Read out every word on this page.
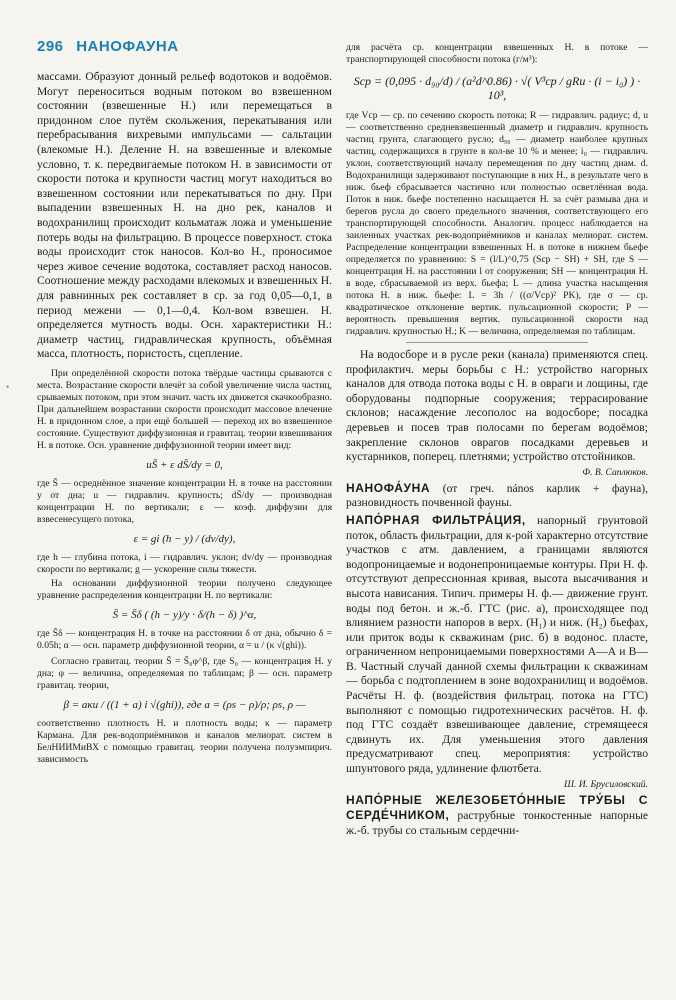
296 НАНОФАУНА
•

массами. Образуют донный рельеф водотоков и водоёмов. Могут переноситься водным потоком во взвешенном состоянии (взвешенные Н.) или перемещаться в придонном слое путём скольжения, перекатывания или перебрасывания вихревыми импульсами — сальтации (влекомые Н.). Деление Н. на взвешенные и влекомые условно, т. к. передвигаемые потоком Н. в зависимости от скорости потока и крупности частиц могут находиться во взвешенном состоянии или перекатываться по дну. При выпадении взвешенных Н. на дно рек, каналов и водохранилищ происходит кольматаж ложа и уменьшение потерь воды на фильтрацию. В процессе поверхност. стока воды происходит сток наносов. Кол-во Н., проносимое через живое сечение водотока, составляет расход наносов. Соотношение между расходами влекомых и взвешенных Н. для равнинных рек составляет в ср. за год 0,05—0,1, в период межени — 0,1—0,4. Кол-вом взвешен. Н. определяется мутность воды. Осн. характеристики Н.: диаметр частиц, гидравлическая крупность, объёмная масса, плотность, пористость, сцепление.

При определённой скорости потока твёрдые частицы срываются с места. Возрастание скорости влечёт за собой увеличение числа частиц, срываемых потоком, при этом значит. часть их движется скачкообразно. При дальнейшем возрастании скорости происходит массовое влечение Н. в придонном слое, а при ещё большей — переход их во взвешенное состояние. Существуют диффузионная и гравитац. теории взвешивания Н. в потоке. Осн. уравнение диффузионной теории имеет вид:

uS̄ + ε dS̄/dy = 0,

где S̄ — осреднённое значение концентрации Н. в точке на расстоянии y от дна; u — гидравлич. крупность; dS̄/dy — производная концентрации Н. по вертикали; ε — коэф. диффузии для взвесенесущего потока,

ε = gi (h − y) / (dv/dy),

где h — глубина потока, i — гидравлич. уклон; dv/dy — производная скорости по вертикали; g — ускорение силы тяжести.

На основании диффузионной теории получено следующее уравнение распределения концентрации Н. по вертикали:

S̄ = S̄δ ( (h − y)/y · δ/(h − δ) )^α,

где S̄δ — концентрация Н. в точке на расстоянии δ от дна, обычно δ = 0.05h; α — осн. параметр диффузионной теории, α = u / (κ √(ghi)).

Согласно гравитац. теории S̄ = S̄₀φ^β, где S₀ — концентрация Н. у дна; φ — величина, определяемая по таблицам; β — осн. параметр гравитац. теории,

β = aκu / ((1 + a) i √(ghi)), где a = (ρs − ρ)/ρ; ρs, ρ —

соответственно плотность Н. и плотность воды; κ — параметр Кармана. Для рек-водоприёмников и каналов мелиорат. систем в БелНИИМиВХ с помощью гравитац. теории получена полуэмпирич. зависимость

для расчёта ср. концентрации взвешенных Н. в потоке — транспортирующей способности потока (г/м³):

Sср = (0,095 · d₉₀/d) / (a²d^0.86) · √( V³ср / gRu · (i − i₀) ) · 10³,

где Vср — ср. по сечению скорость потока; R — гидравлич. радиус; d, u — соответственно средневзвешенный диаметр и гидравлич. крупность частиц грунта, слагающего русло; d₉₀ — диаметр наиболее крупных частиц, содержащихся в грунте в кол-ве 10 % и менее; i₀ — гидравлич. уклон, соответствующий началу перемещения по дну частиц диам. d. Водохранилищи задерживают поступающие в них Н., в результате чего в ниж. бьеф сбрасывается частично или полностью осветлённая вода. Поток в ниж. бьефе постепенно насыщается Н. за счёт размыва дна и берегов русла до своего предельного значения, соответствующего его транспортирующей способности. Аналогич. процесс наблюдается на заиленных участках рек-водоприёмников и каналах мелиорат. систем. Распределение концентрации взвешенных Н. в потоке в нижнем бьефе определяется по уравнению: S = (l/L)^0,75 (Sср − SН) + SН, где S — концентрация Н. на расстоянии l от сооружения; SН — концентрация Н. в воде, сбрасываемой из верх. бьефа; L — длина участка насыщения потока Н. в ниж. бьефе: L = 3h / ((σ/Vср)² PK), где σ — ср. квадратическое отклонение вертик. пульсационной скорости; P — вероятность превышения вертик. пульсационной скорости над гидравлич. крупностью Н.; K — величина, определяемая по таблицам.

На водосборе и в русле реки (канала) применяются спец. профилактич. меры борьбы с Н.: устройство нагорных каналов для отвода потока воды с Н. в овраги и лощины, где оборудованы подпорные сооружения; террасирование склонов; насаждение лесополос на водосборе; посадка деревьев и посев трав полосами по берегам водоёмов; закрепление склонов оврагов посадками деревьев и кустарников, поперец. плетнями; устройство отстойников.

Ф. В. Саплюков.

НАНОФА́УНА (от греч. nános карлик + фауна), разновидность почвенной фауны.

НАПО́РНАЯ ФИЛЬТРА́ЦИЯ, напорный грунтовой поток, область фильтрации, для к-рой характерно отсутствие участков с атм. давлением, а границами являются водопроницаемые и водонепроницаемые контуры. При Н. ф. отсутствуют депрессионная кривая, высота высачивания и высота нависания. Типич. примеры Н. ф.— движение грунт. воды под бетон. и ж.-б. ГТС (рис. а), происходящее под влиянием разности напоров в верх. (H₁) и ниж. (H₂) бьефах, или приток воды к скважинам (рис. б) в водонос. пласте, ограниченном непроницаемыми поверхностями А—А и В—В. Частный случай данной схемы фильтрации к скважинам — борьба с подтоплением в зоне водохранилищ и водоёмов. Расчёты Н. ф. (воздействия фильтрац. потока на ГТС) выполняют с помощью гидротехнических расчётов. Н. ф. под ГТС создаёт взвешивающее давление, стремящееся сдвинуть их. Для уменьшения этого давления предусматривают спец. мероприятия: устройство шпунтового ряда, удлинение флютбета.

Ш. И. Брусиловский.

НАПО́РНЫЕ ЖЕЛЕЗОБЕТО́ННЫЕ ТРУ́БЫ С СЕРДЕ́ЧНИКОМ, раструбные тонкостенные напорные ж.-б. трубы со стальным сердечни-
